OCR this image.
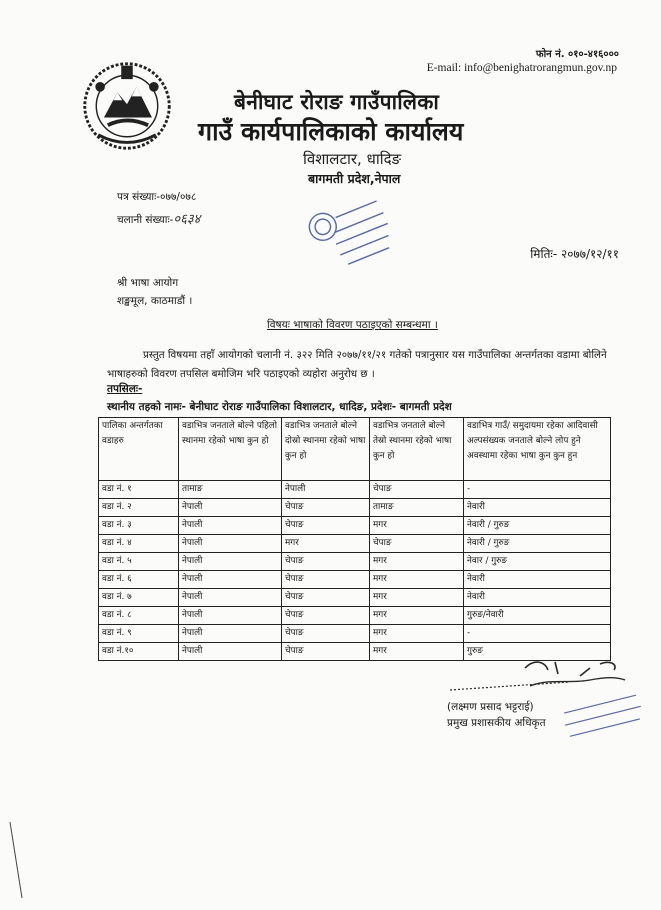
फोन नं. ०१०-४१६०००
E-mail: info@benighatrorangmun.gov.np
बेनीघाट रोराङ गाउँपालिका
गाउँ कार्यपालिकाको कार्यालय
विशालटार, धादिङ
बागमती प्रदेश,नेपाल
पत्र संख्याः-०७७/०७८
चलानी संख्याः-०६३४
मितिः- २०७७/१२/११
श्री भाषा आयोग
शङ्खमूल, काठमाडौं ।
विषयः भाषाको विवरण पठाइएको सम्बन्धमा ।
प्रस्तुत विषयमा तहाँ आयोगको चलानी नं. ३२२ मिति २०७७/११/२१ गतेको पत्रानुसार यस गाउँपालिका अन्तर्गतका वडामा बोलिने भाषाहरुको विवरण तपसिल बमोजिम भरि पठाइएको व्यहोरा अनुरोध छ ।
तपसिलः-
स्थानीय तहको नामः- बेनीघाट रोराङ गाउँपालिका विशालटार, धादिङ, प्रदेशः- बागमती प्रदेश
पालिका अन्तर्गतका वडाहरु	वडाभित्र जनताले बोल्ने पहिलो स्थानमा रहेको भाषा कुन हो	वडाभित्र जनताले बोल्ने दोस्रो स्थानमा रहेको भाषा कुन हो	वडाभित्र जनताले बोल्ने तेस्रो स्थानमा रहेको भाषा कुन हो	वडाभित्र गाउँ/ समुदायमा रहेका आदिवासी अल्पसंख्यक जनताले बोल्ने लोप हुने अवस्थामा रहेका भाषा कुन कुन हुन
वडा नं. १	तामाङ	नेपाली	चेपाङ	-
वडा नं. २	नेपाली	चेपाङ	तामाङ	नेवारी
वडा नं. ३	नेपाली	चेपाङ	मगर	नेवारी / गुरुङ
वडा नं. ४	नेपाली	मगर	चेपाङ	नेवारी / गुरुङ
वडा नं. ५	नेपाली	चेपाङ	मगर	नेवार / गुरुङ
वडा नं. ६	नेपाली	चेपाङ	मगर	नेवारी
वडा नं. ७	नेपाली	चेपाङ	मगर	नेवारी
वडा नं. ८	नेपाली	चेपाङ	मगर	गुरुङ/नेवारी
वडा नं. ९	नेपाली	चेपाङ	मगर	-
वडा नं.१०	नेपाली	चेपाङ	मगर	गुरुङ
(लक्ष्मण प्रसाद भट्टराई)
प्रमुख प्रशासकीय अधिकृत
